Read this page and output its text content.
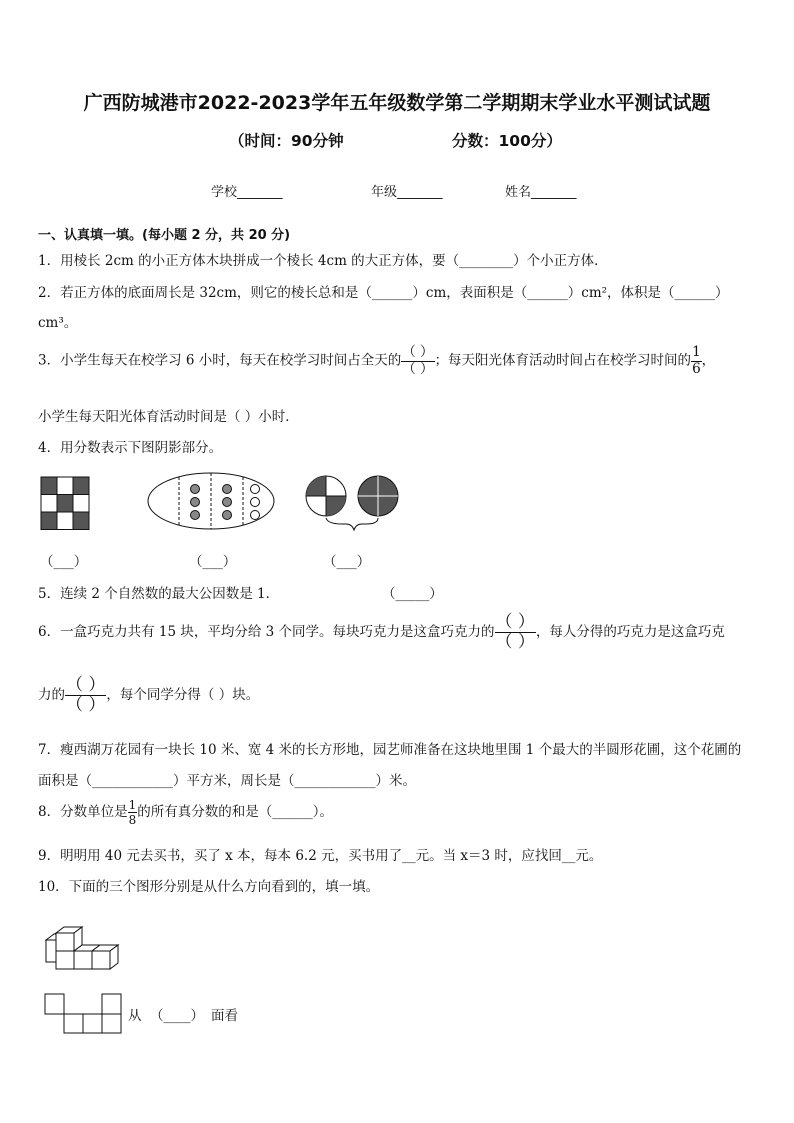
广西防城港市2022-2023学年五年级数学第二学期期末学业水平测试试题
（时间：90分钟	分数：100分）
学校_______	年级_______	姓名_______
一、认真填一填。(每小题 2 分，共 20 分)
1．用棱长 2cm 的小正方体木块拼成一个棱长 4cm 的大正方体，要（________）个小正方体．
2．若正方体的底面周长是 32cm，则它的棱长总和是（______）cm，表面积是（______）cm²，体积是（______）
cm³。
3．小学生每天在校学习 6 小时，每天在校学习时间占全天的 $\frac{( )}{( )}$ ；每天阳光体育活动时间占在校学习时间的 $\frac{1}{6}$ ，
小学生每天阳光体育活动时间是（ ）小时．
4．用分数表示下图阴影部分。
（___）	（___）	（___）
5．连续 2 个自然数的最大公因数是 1．	（_____）
6．一盒巧克力共有 15 块，平均分给 3 个同学。每块巧克力是这盒巧克力的 $\frac{( )}{( )}$ ，每人分得的巧克力是这盒巧克
力的 $\frac{( )}{( )}$ ，每个同学分得（ ）块。
7．瘦西湖万花园有一块长 10 米、宽 4 米的长方形地，园艺师准备在这块地里围 1 个最大的半圆形花圃，这个花圃的
面积是（____________）平方米，周长是（____________）米。
8．分数单位是 $\frac{1}{8}$ 的所有真分数的和是（______）。
9．明明用 40 元去买书，买了 x 本，每本 6.2 元，买书用了__元。当 x＝3 时，应找回__元。
10．下面的三个图形分别是从什么方向看到的，填一填。
从 （____） 面看
